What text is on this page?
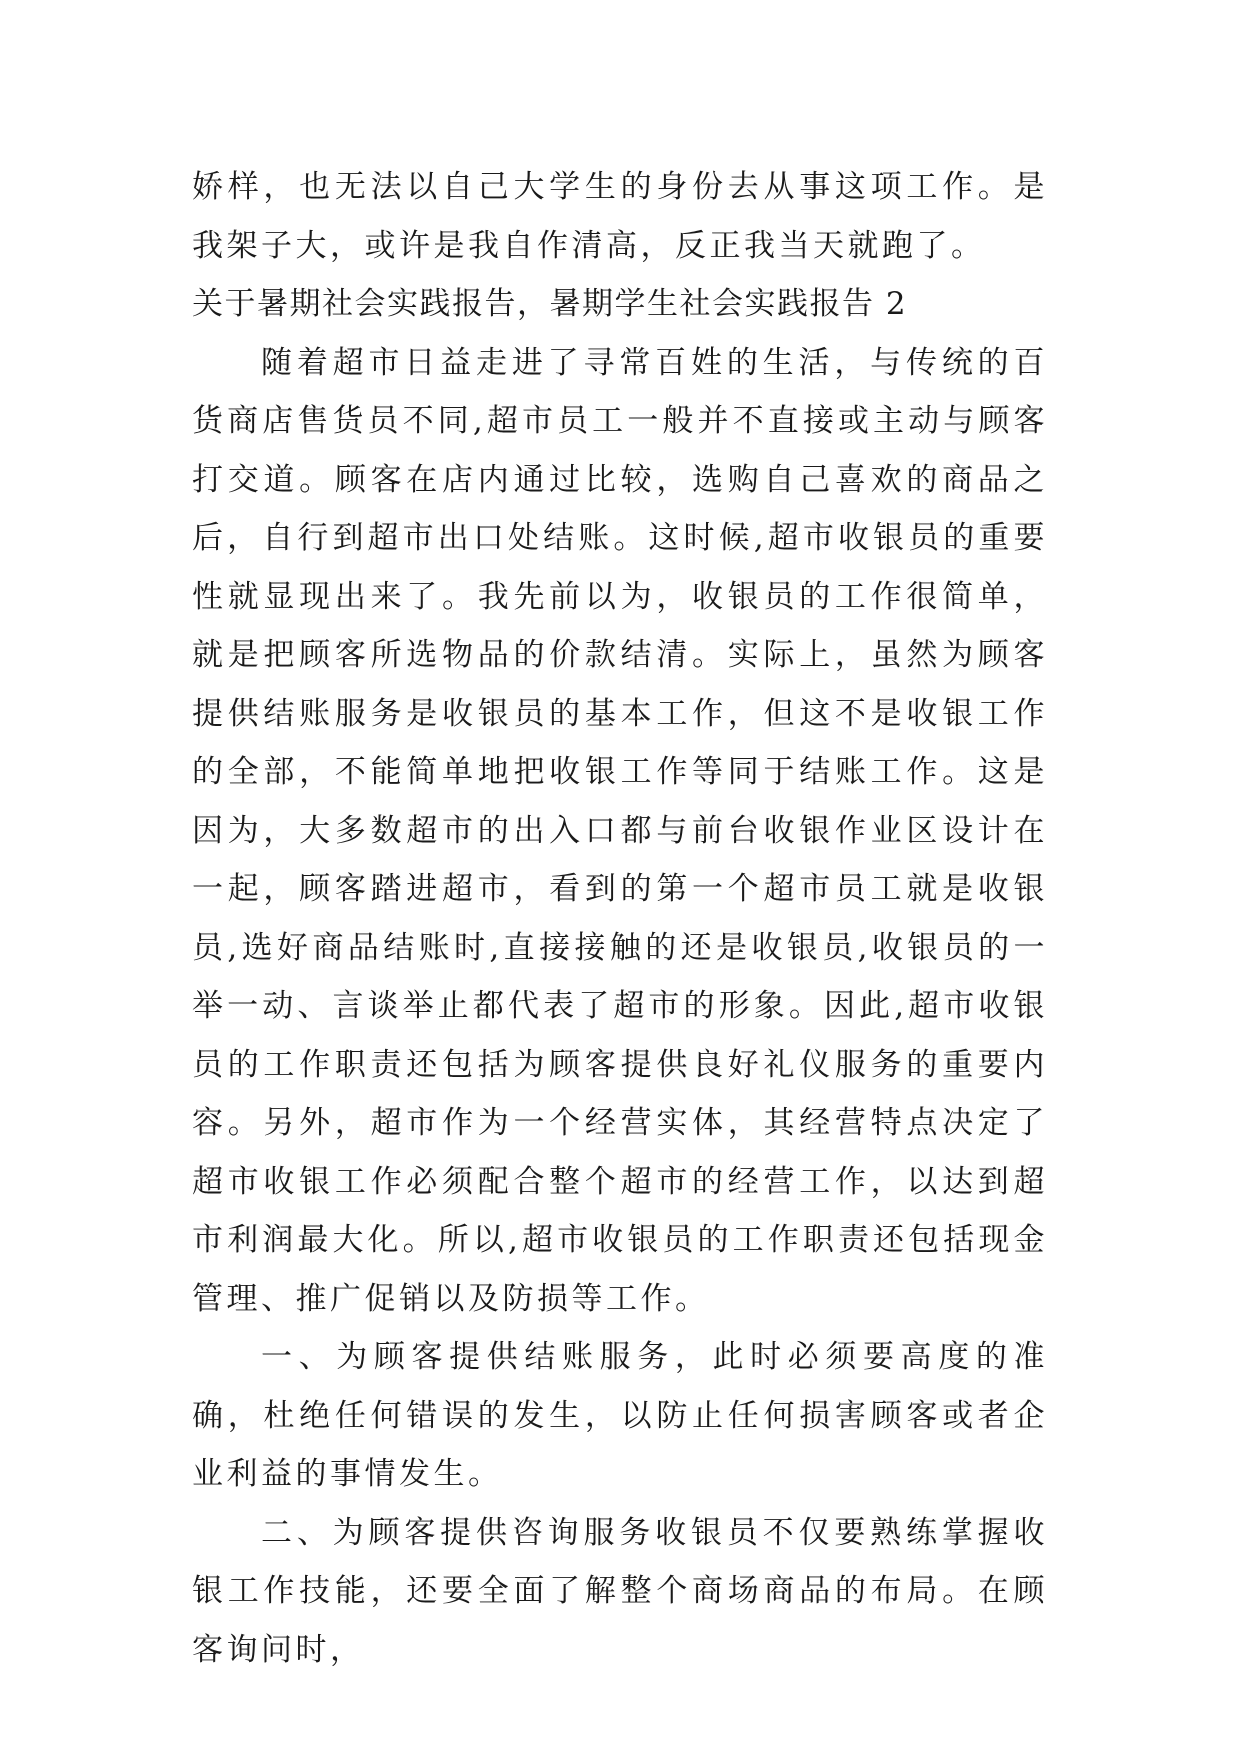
娇样，也无法以自己大学生的身份去从事这项工作。是我架子大，或许是我自作清高，反正我当天就跑了。

关于暑期社会实践报告，暑期学生社会实践报告 2

随着超市日益走进了寻常百姓的生活，与传统的百货商店售货员不同,超市员工一般并不直接或主动与顾客打交道。顾客在店内通过比较，选购自己喜欢的商品之后，自行到超市出口处结账。这时候,超市收银员的重要性就显现出来了。我先前以为，收银员的工作很简单，就是把顾客所选物品的价款结清。实际上，虽然为顾客提供结账服务是收银员的基本工作，但这不是收银工作的全部，不能简单地把收银工作等同于结账工作。这是因为，大多数超市的出入口都与前台收银作业区设计在一起，顾客踏进超市，看到的第一个超市员工就是收银员,选好商品结账时,直接接触的还是收银员,收银员的一举一动、言谈举止都代表了超市的形象。因此,超市收银员的工作职责还包括为顾客提供良好礼仪服务的重要内容。另外，超市作为一个经营实体，其经营特点决定了超市收银工作必须配合整个超市的经营工作，以达到超市利润最大化。所以,超市收银员的工作职责还包括现金管理、推广促销以及防损等工作。

一、为顾客提供结账服务，此时必须要高度的准确，杜绝任何错误的发生，以防止任何损害顾客或者企业利益的事情发生。

二、为顾客提供咨询服务收银员不仅要熟练掌握收银工作技能，还要全面了解整个商场商品的布局。在顾客询问时，
